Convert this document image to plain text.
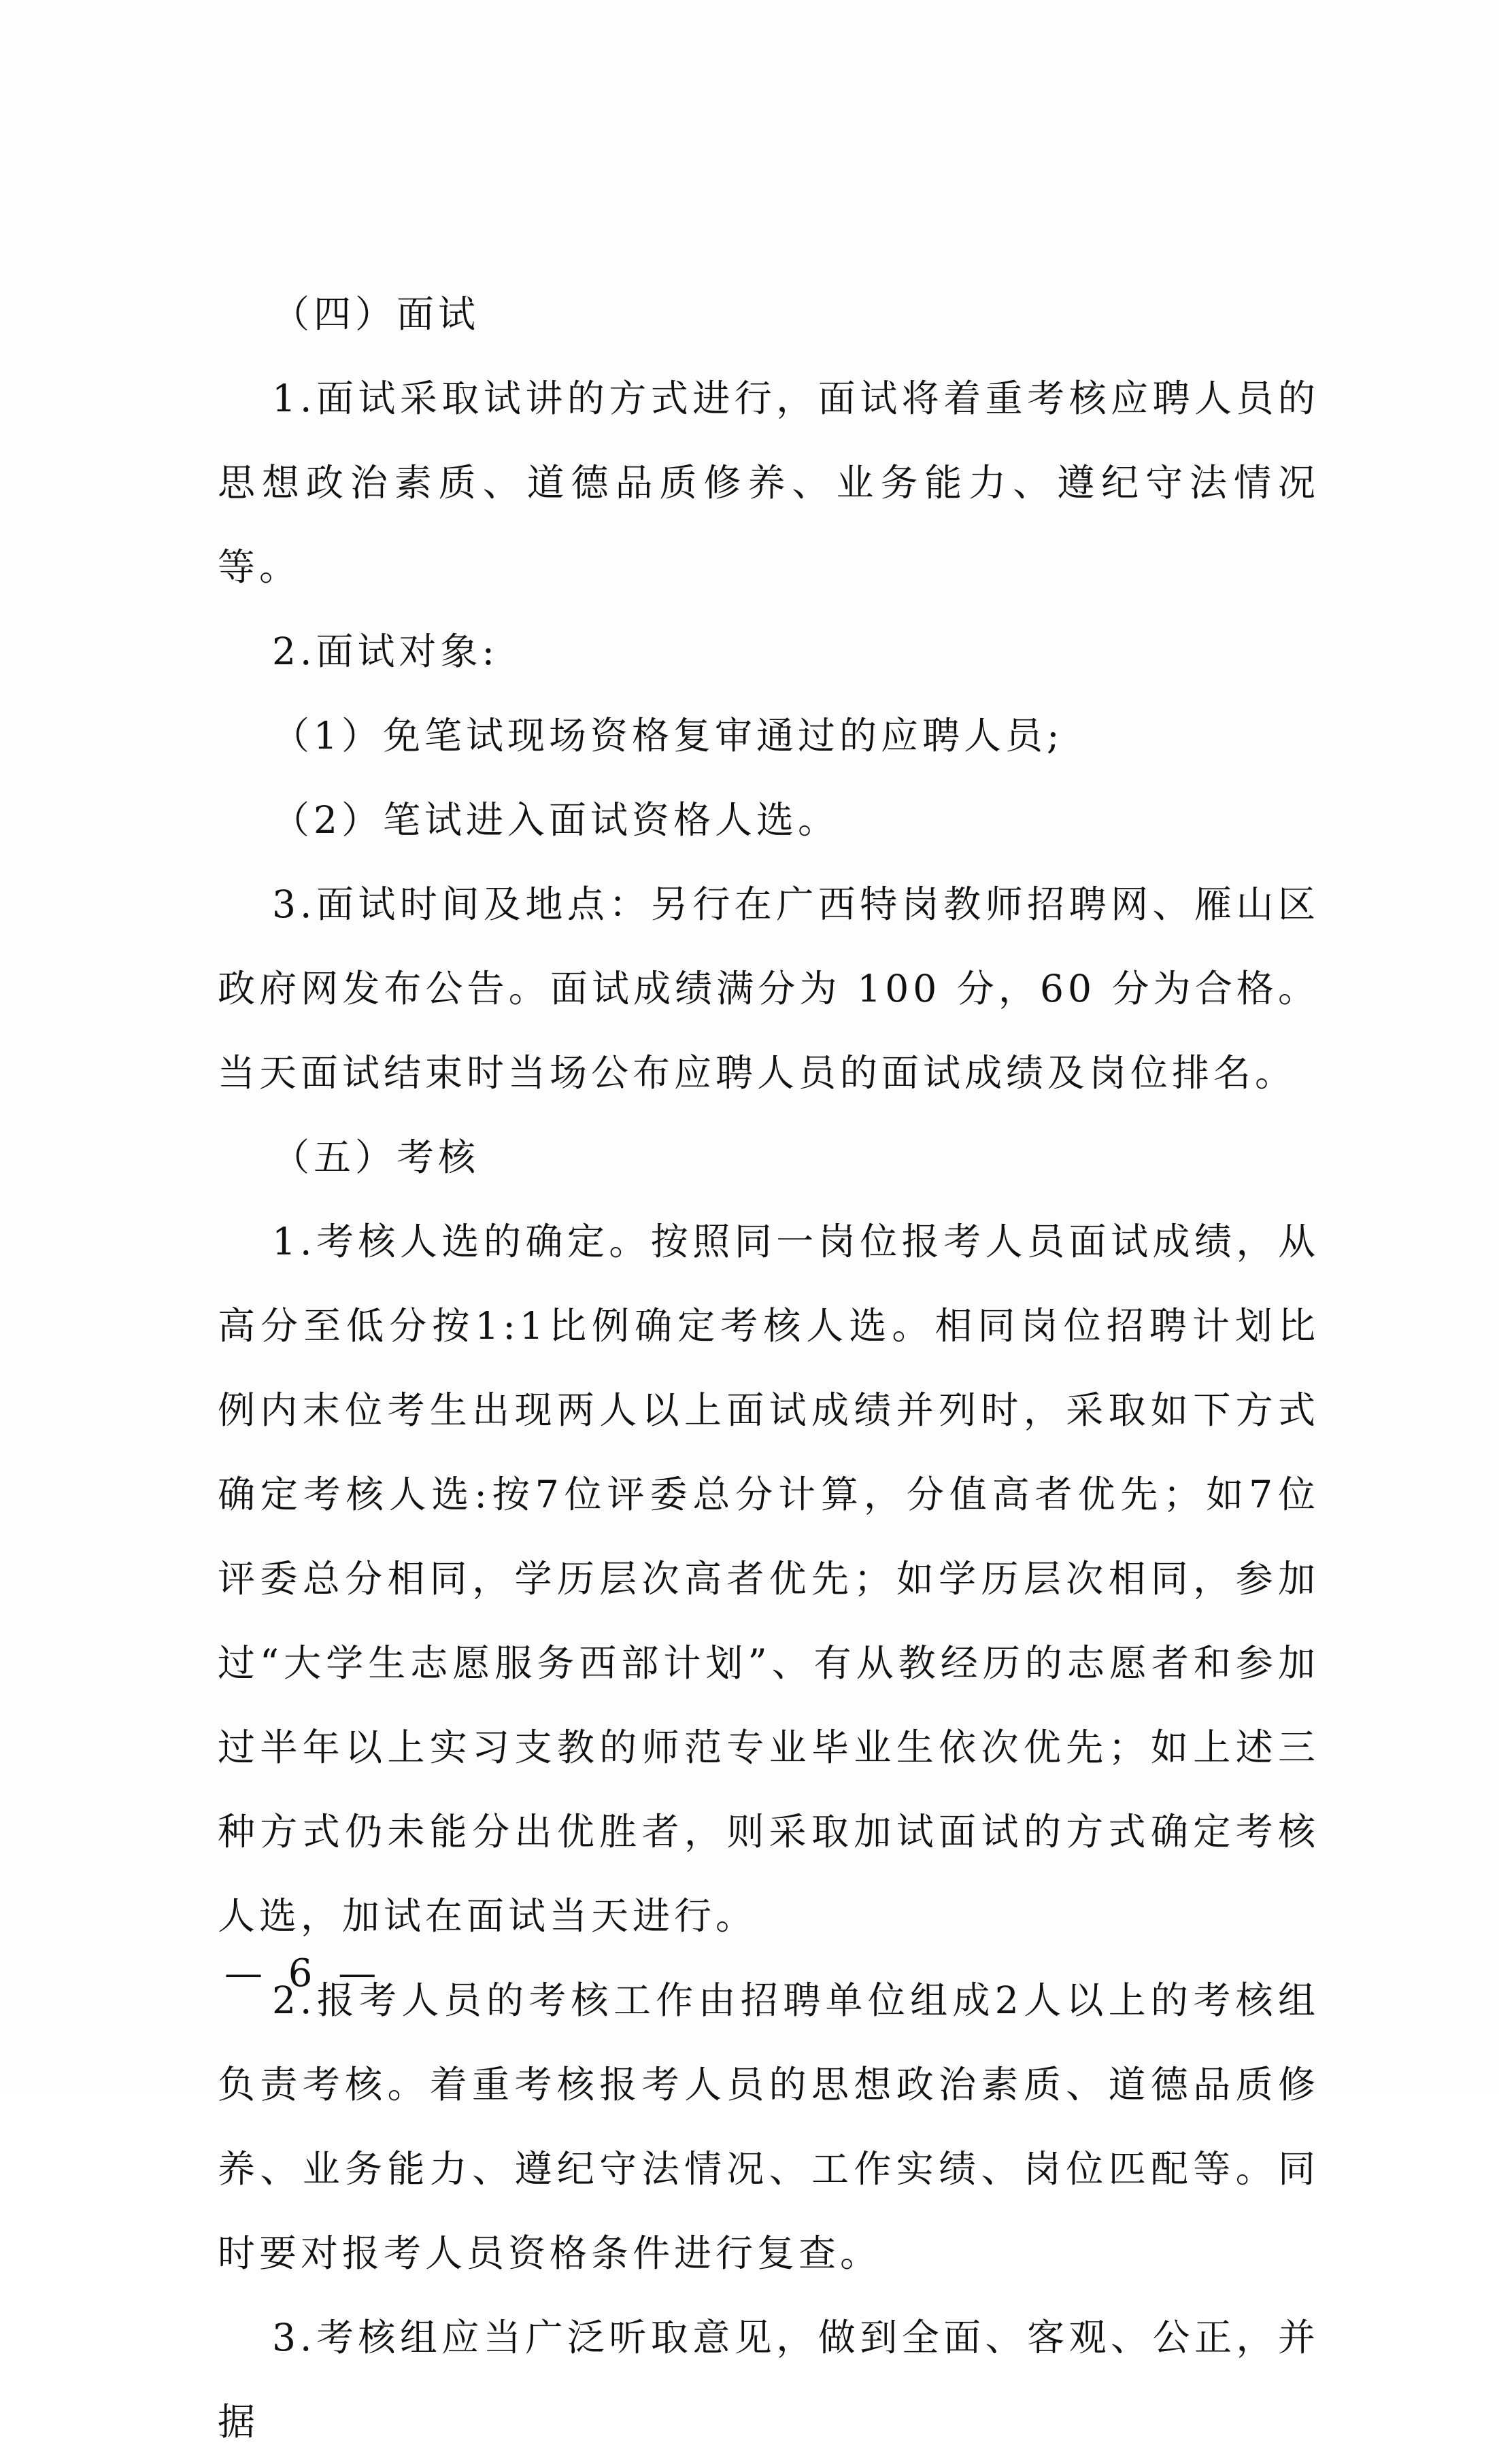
（四）面试

1.面试采取试讲的方式进行，面试将着重考核应聘人员的思想政治素质、道德品质修养、业务能力、遵纪守法情况等。

2.面试对象:

（1）免笔试现场资格复审通过的应聘人员;

（2）笔试进入面试资格人选。

3.面试时间及地点：另行在广西特岗教师招聘网、雁山区政府网发布公告。面试成绩满分为 100 分，60 分为合格。当天面试结束时当场公布应聘人员的面试成绩及岗位排名。

（五）考核

1.考核人选的确定。按照同一岗位报考人员面试成绩，从高分至低分按1:1比例确定考核人选。相同岗位招聘计划比例内末位考生出现两人以上面试成绩并列时，采取如下方式确定考核人选:按7位评委总分计算，分值高者优先；如7位评委总分相同，学历层次高者优先；如学历层次相同，参加过“大学生志愿服务西部计划”、有从教经历的志愿者和参加过半年以上实习支教的师范专业毕业生依次优先；如上述三种方式仍未能分出优胜者，则采取加试面试的方式确定考核人选，加试在面试当天进行。

2.报考人员的考核工作由招聘单位组成2人以上的考核组负责考核。着重考核报考人员的思想政治素质、道德品质修养、业务能力、遵纪守法情况、工作实绩、岗位匹配等。同时要对报考人员资格条件进行复查。

3.考核组应当广泛听取意见，做到全面、客观、公正，并据

— 6 —
